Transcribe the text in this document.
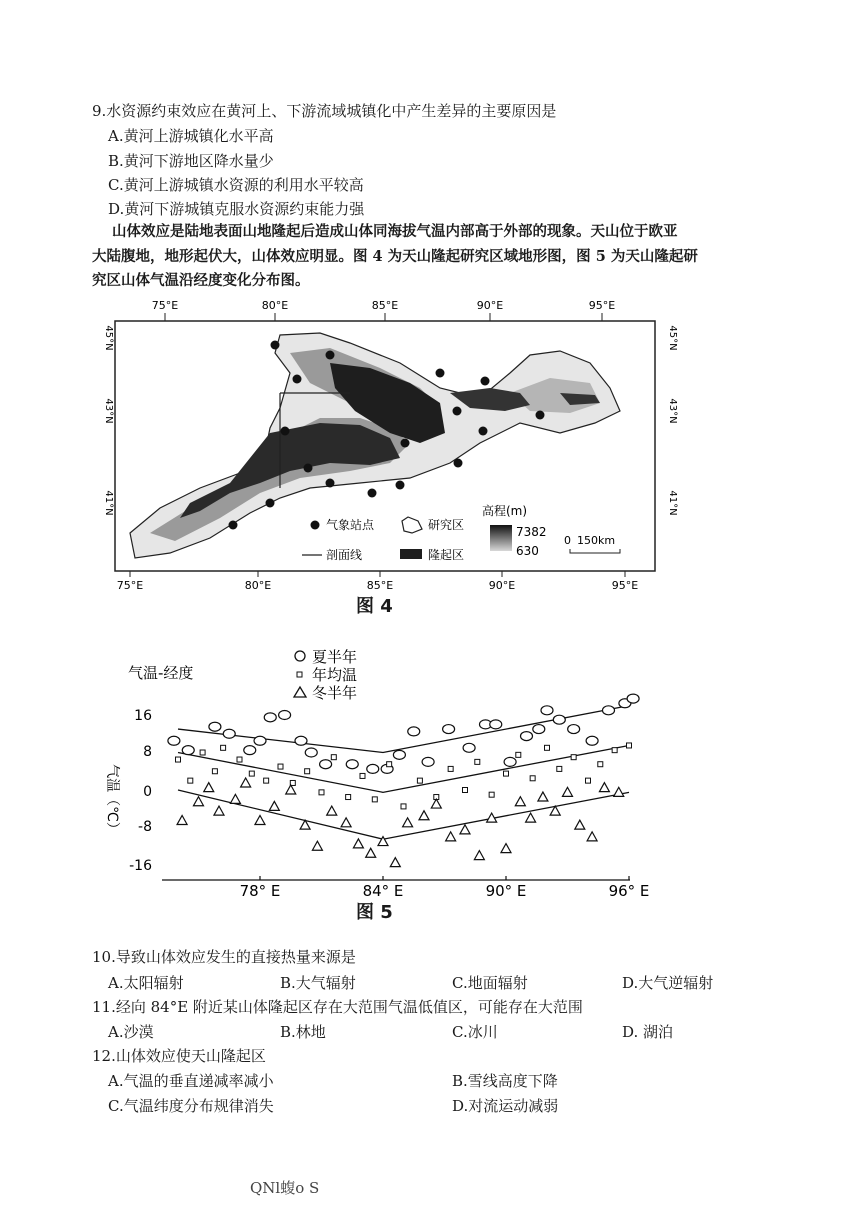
9.水资源约束效应在黄河上、下游流域城镇化中产生差异的主要原因是
A.黄河上游城镇化水平高
B.黄河下游地区降水量少
C.黄河上游城镇水资源的利用水平较高
D.黄河下游城镇克服水资源约束能力强
山体效应是陆地表面山地隆起后造成山体同海拔气温内部高于外部的现象。天山位于欧亚
大陆腹地，地形起伏大，山体效应明显。图 4 为天山隆起研究区域地形图，图 5 为天山隆起研
究区山体气温沿经度变化分布图。
75°E	80°E	85°E	90°E	95°E
45°N
43°N
41°N
45°N
43°N
41°N
气象站点	研究区
剖面线	隆起区
高程(m)
7382
630
0 150km
75°E	80°E	85°E	90°E	95°E
图 4
气温-经度
气温（℃）
夏半年
年均温
冬半年
16
8
0
-8
-16
78° E	84° E	90° E	96° E
图 5
10.导致山体效应发生的直接热量来源是
A.太阳辐射	B.大气辐射	C.地面辐射	D.大气逆辐射
11.经向 84°E 附近某山体隆起区存在大范围气温低值区，可能存在大范围
A.沙漠	B.林地	C.冰川	D. 湖泊
12.山体效应使天山隆起区
A.气温的垂直递减率减小	B.雪线高度下降
C.气温纬度分布规律消失	D.对流运动减弱
QNl蝮o S
